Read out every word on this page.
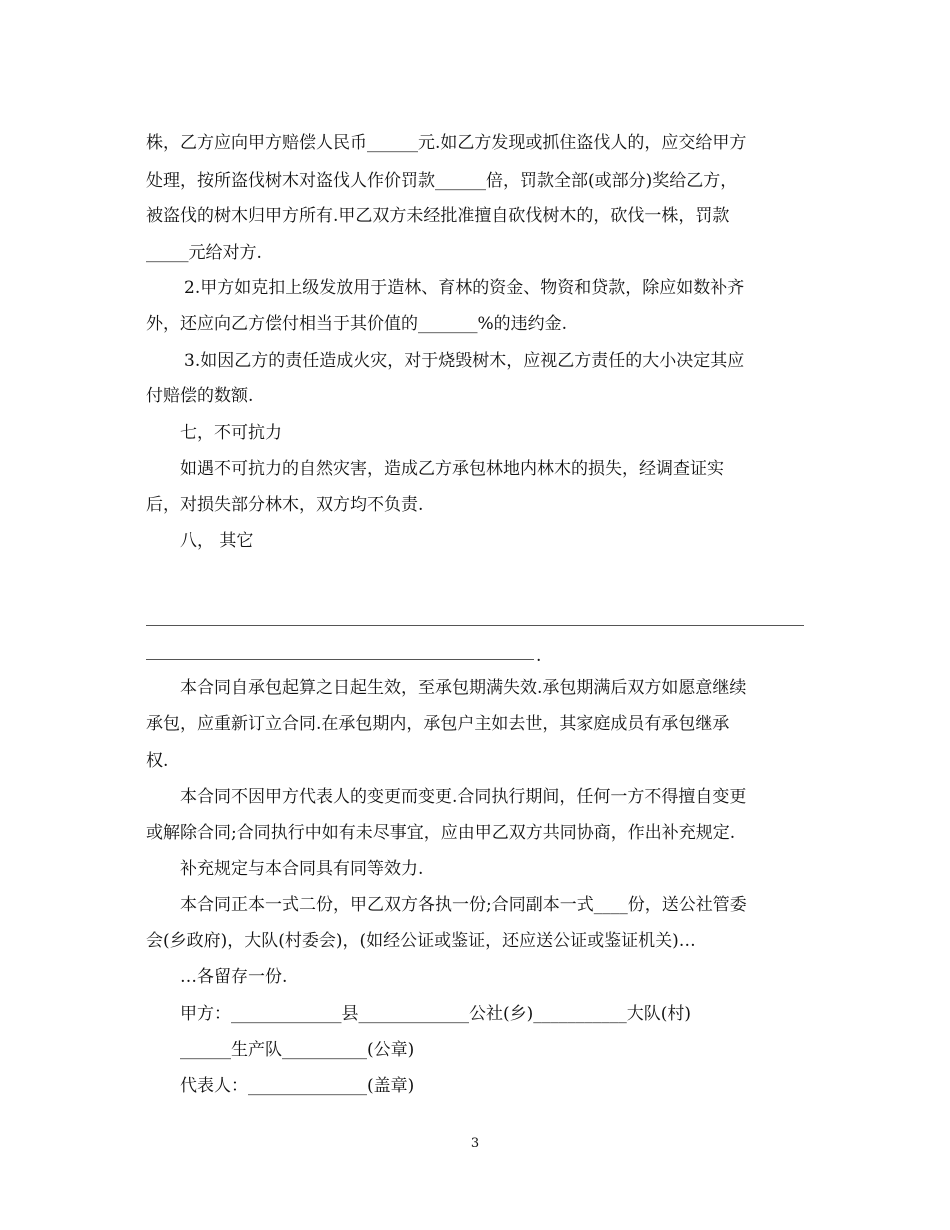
株，乙方应向甲方赔偿人民币______元.如乙方发现或抓住盗伐人的，应交给甲方
处理，按所盗伐树木对盗伐人作价罚款______倍，罚款全部(或部分)奖给乙方，
被盗伐的树木归甲方所有.甲乙双方未经批准擅自砍伐树木的，砍伐一株，罚款
_____元给对方.
2.甲方如克扣上级发放用于造林、育林的资金、物资和贷款，除应如数补齐
外，还应向乙方偿付相当于其价值的_______%的违约金.
3.如因乙方的责任造成火灾，对于烧毁树木，应视乙方责任的大小决定其应
付赔偿的数额.
七，不可抗力
如遇不可抗力的自然灾害，造成乙方承包林地内林木的损失，经调查证实
后，对损失部分林木，双方均不负责.
八， 其它
.
本合同自承包起算之日起生效，至承包期满失效.承包期满后双方如愿意继续
承包，应重新订立合同.在承包期内，承包户主如去世，其家庭成员有承包继承
权.
本合同不因甲方代表人的变更而变更.合同执行期间，任何一方不得擅自变更
或解除合同;合同执行中如有未尽事宜，应由甲乙双方共同协商，作出补充规定.
补充规定与本合同具有同等效力.
本合同正本一式二份，甲乙双方各执一份;合同副本一式____份，送公社管委
会(乡政府)，大队(村委会)，(如经公证或鉴证，还应送公证或鉴证机关)…
…各留存一份.
甲方：_____________县_____________公社(乡)___________大队(村)
______生产队__________(公章)
代表人：______________(盖章)
3
